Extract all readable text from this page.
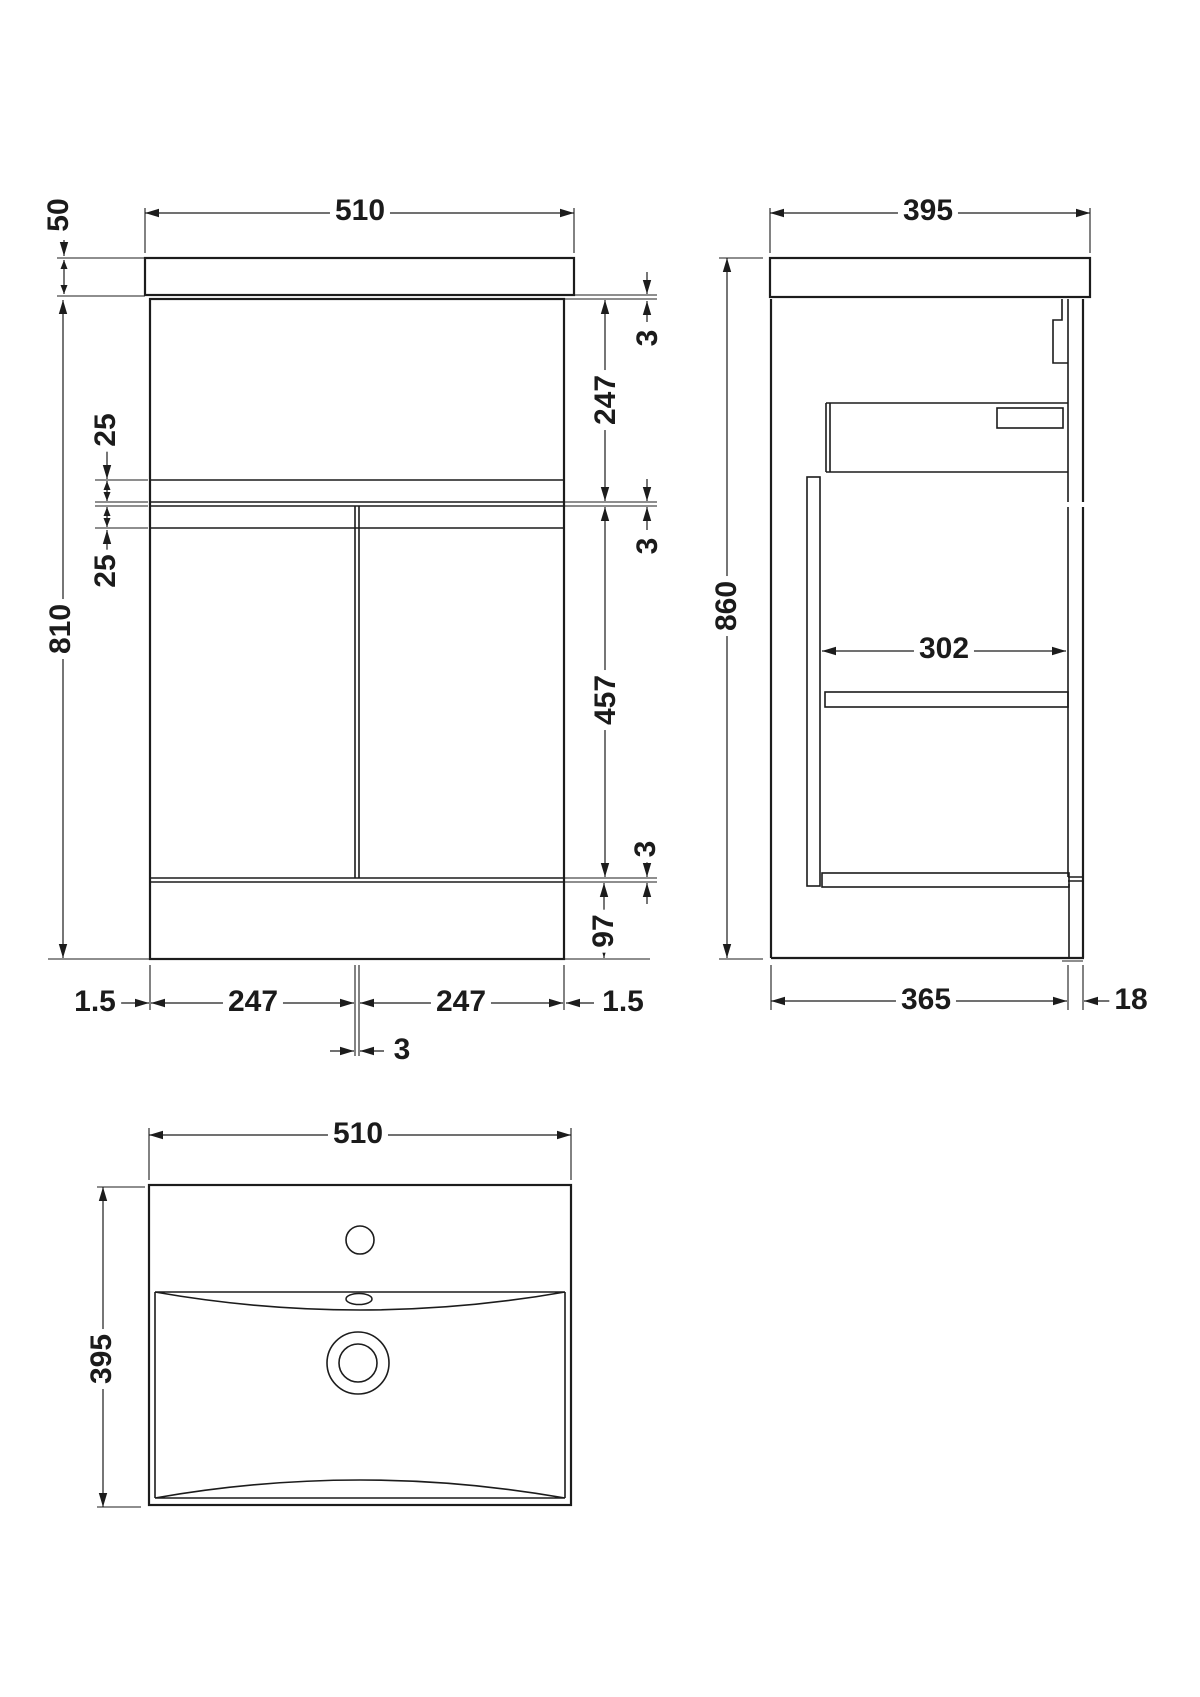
510
50
810
25
25
3
247
3
457
3
97
1.5	247	247	1.5
3
395
860
302
365	18
510
395
